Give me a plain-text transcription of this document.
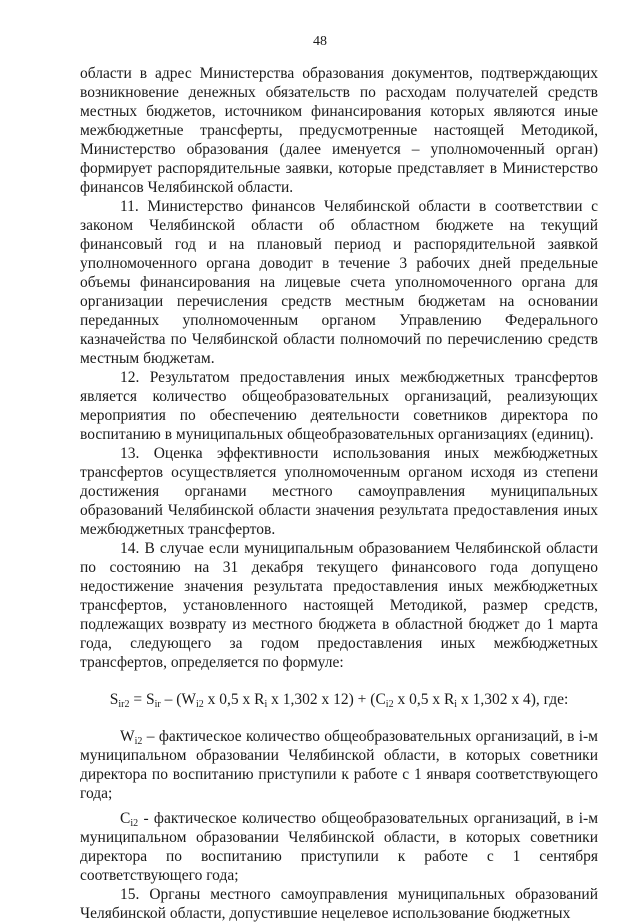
48

области в адрес Министерства образования документов, подтверждающих возникновение денежных обязательств по расходам получателей средств местных бюджетов, источником финансирования которых являются иные межбюджетные трансферты, предусмотренные настоящей Методикой, Министерство образования (далее именуется – уполномоченный орган) формирует распорядительные заявки, которые представляет в Министерство финансов Челябинской области.

11. Министерство финансов Челябинской области в соответствии с законом Челябинской области об областном бюджете на текущий финансовый год и на плановый период и распорядительной заявкой уполномоченного органа доводит в течение 3 рабочих дней предельные объемы финансирования на лицевые счета уполномоченного органа для организации перечисления средств местным бюджетам на основании переданных уполномоченным органом Управлению Федерального казначейства по Челябинской области полномочий по перечислению средств местным бюджетам.

12. Результатом предоставления иных межбюджетных трансфертов является количество общеобразовательных организаций, реализующих мероприятия по обеспечению деятельности советников директора по воспитанию в муниципальных общеобразовательных организациях (единиц).

13. Оценка эффективности использования иных межбюджетных трансфертов осуществляется уполномоченным органом исходя из степени достижения органами местного самоуправления муниципальных образований Челябинской области значения результата предоставления иных межбюджетных трансфертов.

14. В случае если муниципальным образованием Челябинской области по состоянию на 31 декабря текущего финансового года допущено недостижение значения результата предоставления иных межбюджетных трансфертов, установленного настоящей Методикой, размер средств, подлежащих возврату из местного бюджета в областной бюджет до 1 марта года, следующего за годом предоставления иных межбюджетных трансфертов, определяется по формуле:

$S_{ir2} = S_{ir} - (W_{i2}$ x 0,5 x $R_i$ x 1,302 x $12) + (C_{i2}$ x 0,5 x $R_i$ x 1,302 x 4), где:

Wi2 – фактическое количество общеобразовательных организаций, в i-м муниципальном образовании Челябинской области, в которых советники директора по воспитанию приступили к работе с 1 января соответствующего года;

Ci2 - фактическое количество общеобразовательных организаций, в i-м муниципальном образовании Челябинской области, в которых советники директора по воспитанию приступили к работе с 1 сентября соответствующего года;

15. Органы местного самоуправления муниципальных образований Челябинской области, допустившие нецелевое использование бюджетных
